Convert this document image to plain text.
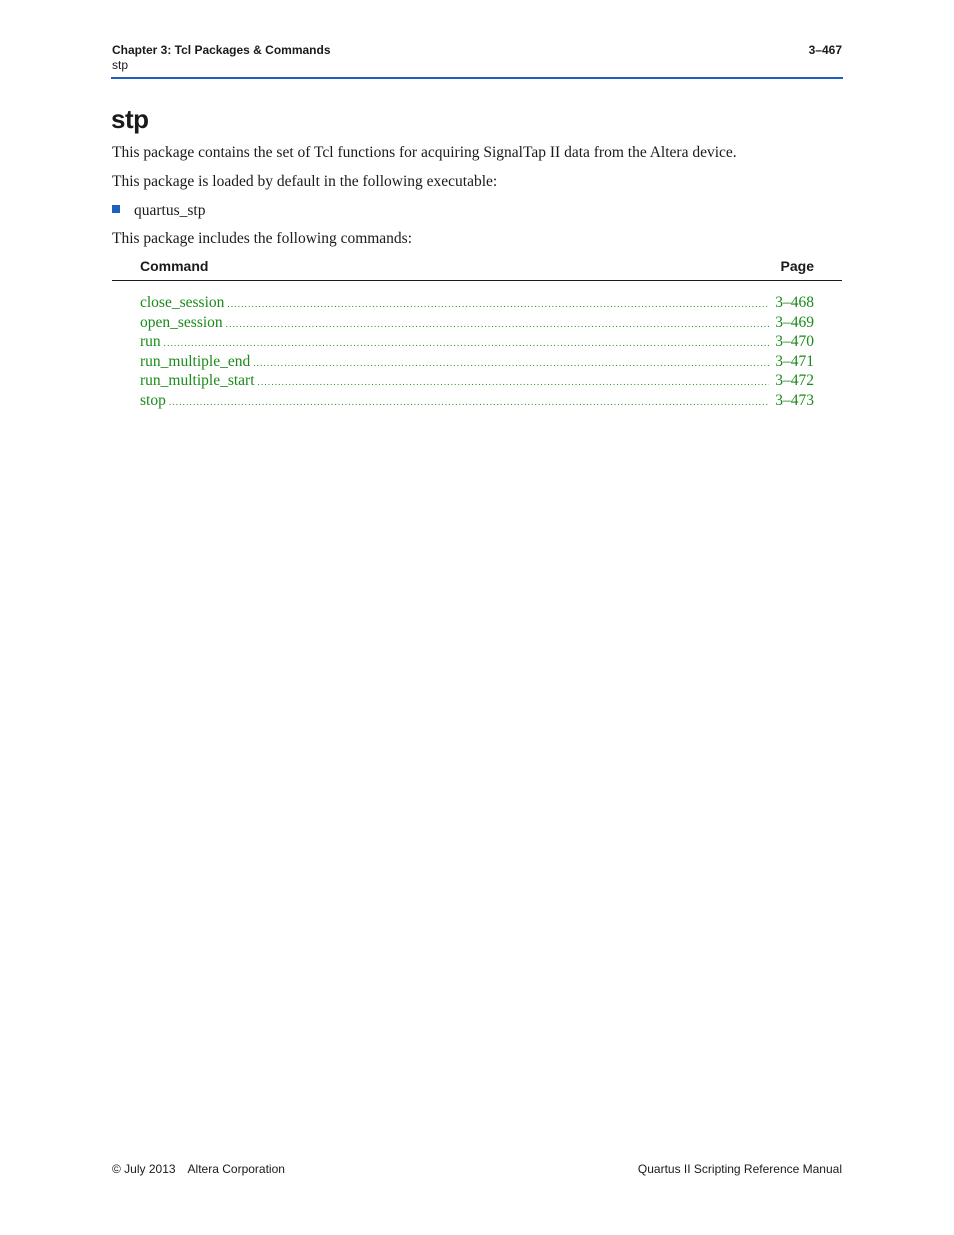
Chapter 3: Tcl Packages & Commands
stp
3–467
stp

This package contains the set of Tcl functions for acquiring SignalTap II data from the Altera device.

This package is loaded by default in the following executable:

quartus_stp

This package includes the following commands:

Command	Page
close_session .....	3–468
open_session .....	3–469
run .....	3–470
run_multiple_end .....	3–471
run_multiple_start .....	3–472
stop .....	3–473
© July 2013 Altera Corporation	Quartus II Scripting Reference Manual
